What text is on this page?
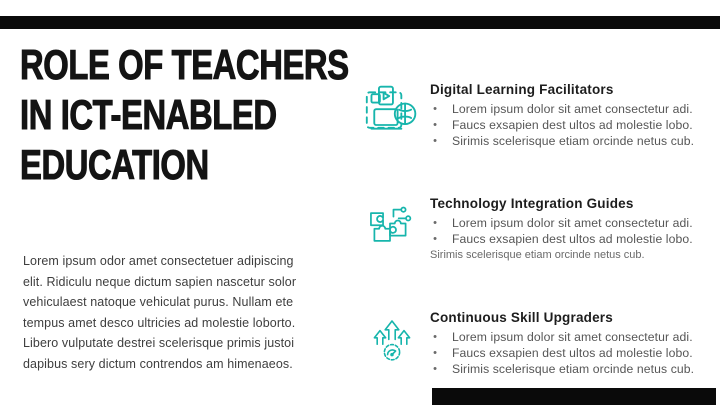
ROLE OF TEACHERS
IN ICT-ENABLED
EDUCATION
Lorem ipsum odor amet consectetuer adipiscing elit. Ridiculu neque dictum sapien nascetur solor vehiculaest natoque vehiculat purus. Nullam ete tempus amet desco ultricies ad molestie loborto. Libero vulputate destrei scelerisque primis justoi dapibus sery dictum contrendos am himenaeos.
Digital Learning Facilitators
• Lorem ipsum dolor sit amet consectetur adi.
• Faucs exsapien dest ultos ad molestie lobo.
• Sirimis scelerisque etiam orcinde netus cub.
Technology Integration Guides
• Lorem ipsum dolor sit amet consectetur adi.
• Faucs exsapien dest ultos ad molestie lobo.
Sirimis scelerisque etiam orcinde netus cub.
Continuous Skill Upgraders
• Lorem ipsum dolor sit amet consectetur adi.
• Faucs exsapien dest ultos ad molestie lobo.
• Sirimis scelerisque etiam orcinde netus cub.
